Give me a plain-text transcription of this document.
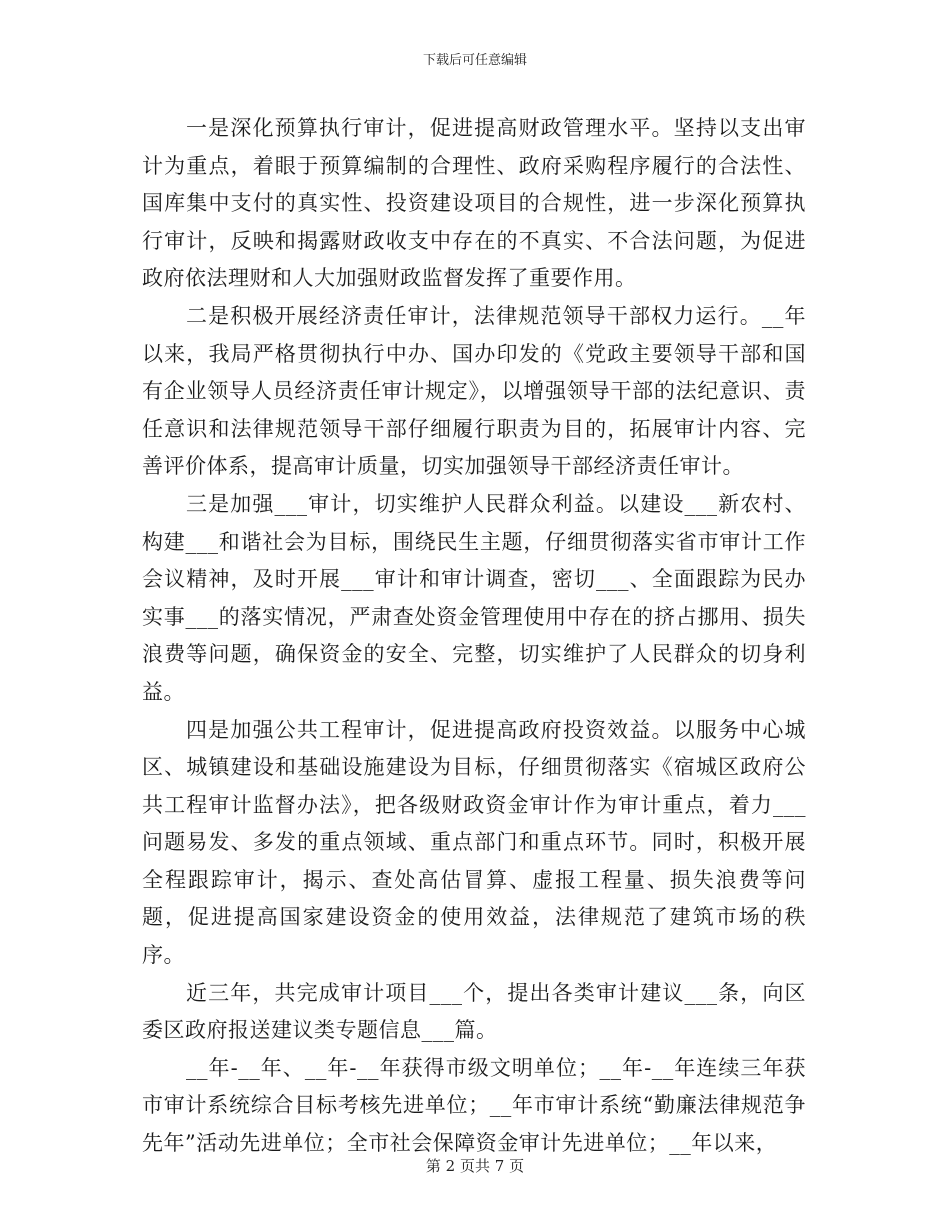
下载后可任意编辑

一是深化预算执行审计，促进提高财政管理水平。坚持以支出审计为重点，着眼于预算编制的合理性、政府采购程序履行的合法性、国库集中支付的真实性、投资建设项目的合规性，进一步深化预算执行审计，反映和揭露财政收支中存在的不真实、不合法问题，为促进政府依法理财和人大加强财政监督发挥了重要作用。

二是积极开展经济责任审计，法律规范领导干部权力运行。__年以来，我局严格贯彻执行中办、国办印发的《党政主要领导干部和国有企业领导人员经济责任审计规定》，以增强领导干部的法纪意识、责任意识和法律规范领导干部仔细履行职责为目的，拓展审计内容、完善评价体系，提高审计质量，切实加强领导干部经济责任审计。

三是加强___审计，切实维护人民群众利益。以建设___新农村、构建___和谐社会为目标，围绕民生主题，仔细贯彻落实省市审计工作会议精神，及时开展___审计和审计调查，密切___、全面跟踪为民办实事___的落实情况，严肃查处资金管理使用中存在的挤占挪用、损失浪费等问题，确保资金的安全、完整，切实维护了人民群众的切身利益。

四是加强公共工程审计，促进提高政府投资效益。以服务中心城区、城镇建设和基础设施建设为目标，仔细贯彻落实《宿城区政府公共工程审计监督办法》，把各级财政资金审计作为审计重点，着力___问题易发、多发的重点领域、重点部门和重点环节。同时，积极开展全程跟踪审计，揭示、查处高估冒算、虚报工程量、损失浪费等问题，促进提高国家建设资金的使用效益，法律规范了建筑市场的秩序。

近三年，共完成审计项目___个，提出各类审计建议___条，向区委区政府报送建议类专题信息___篇。

__年-__年、__年-__年获得市级文明单位；__年-__年连续三年获市审计系统综合目标考核先进单位；__年市审计系统“勤廉法律规范争先年”活动先进单位；全市社会保障资金审计先进单位；__年以来，

第 2 页共 7 页
